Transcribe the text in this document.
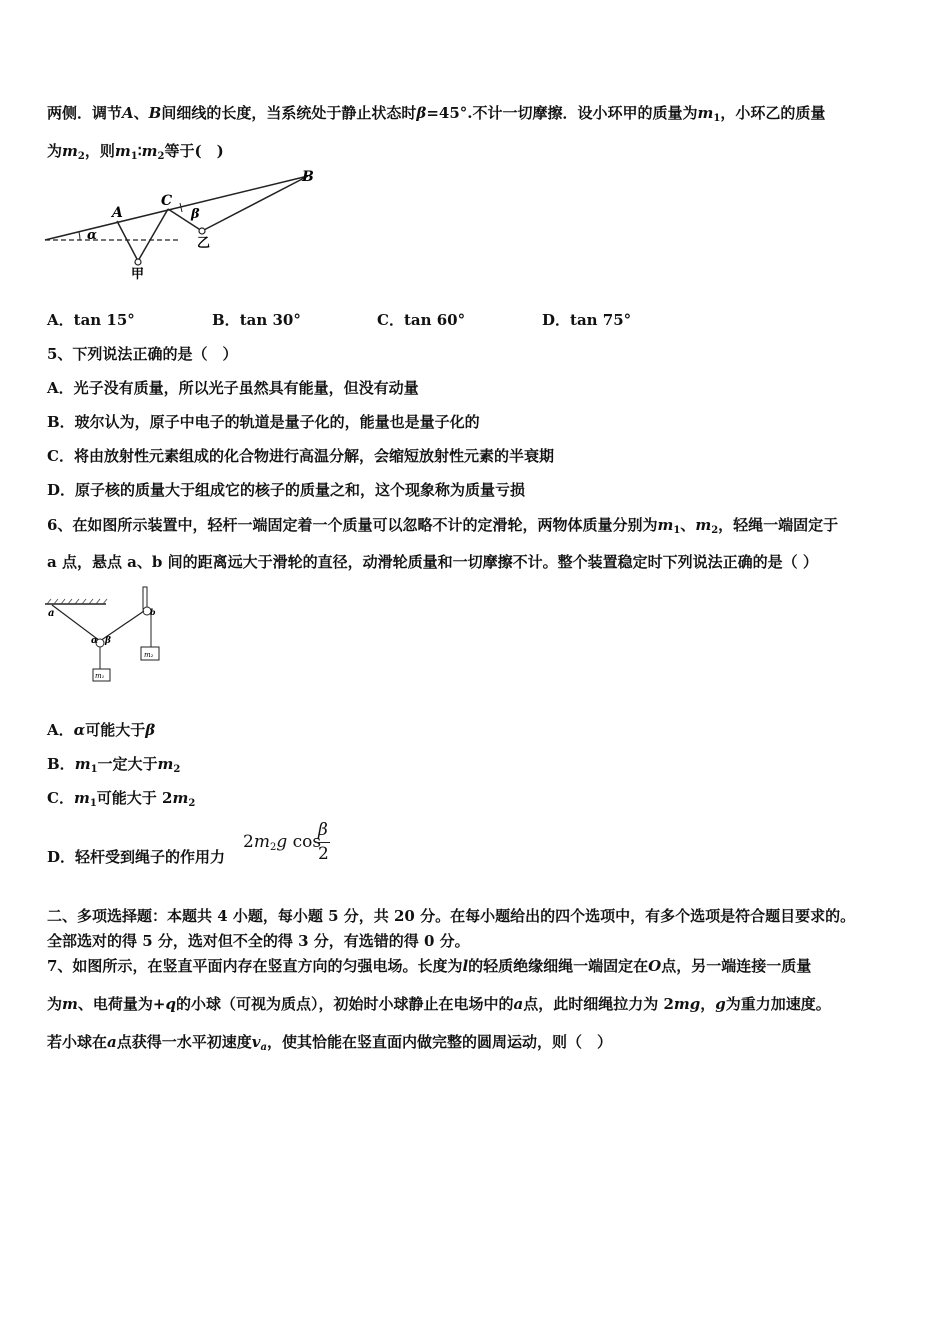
两侧．调节A、B间细线的长度，当系统处于静止状态时β=45°.不计一切摩擦．设小环甲的质量为$m_1$，小环乙的质量
为$m_2$，则$m_1∶m_2$等于(　)
A
C
B
α
β
甲
乙
A．tan 15°	B．tan 30°	C．tan 60°	D．tan 75°
5、下列说法正确的是（　）
A．光子没有质量，所以光子虽然具有能量，但没有动量
B．玻尔认为，原子中电子的轨道是量子化的，能量也是量子化的
C．将由放射性元素组成的化合物进行高温分解，会缩短放射性元素的半衰期
D．原子核的质量大于组成它的核子的质量之和，这个现象称为质量亏损
6、在如图所示装置中，轻杆一端固定着一个质量可以忽略不计的定滑轮，两物体质量分别为$m_1$、$m_2$，轻绳一端固定于
a 点，悬点 a、b 间的距离远大于滑轮的直径，动滑轮质量和一切摩擦不计。整个装置稳定时下列说法正确的是（ ）
a	b
α β
m₁
m₂
A．α可能大于β
B．$m_1$一定大于$m_2$
C．$m_1$可能大于 $2m_2$
D．轻杆受到绳子的作用力
$2m_2g$ cos
β
2
二、多项选择题：本题共 4 小题，每小题 5 分，共 20 分。在每小题给出的四个选项中，有多个选项是符合题目要求的。
全部选对的得 5 分，选对但不全的得 3 分，有选错的得 0 分。
7、如图所示，在竖直平面内存在竖直方向的匀强电场。长度为l的轻质绝缘细绳一端固定在O点，另一端连接一质量
为m、电荷量为+q的小球（可视为质点），初始时小球静止在电场中的a点，此时细绳拉力为 2mg，g为重力加速度。
若小球在a点获得一水平初速度$v_a$，使其恰能在竖直面内做完整的圆周运动，则（　）
